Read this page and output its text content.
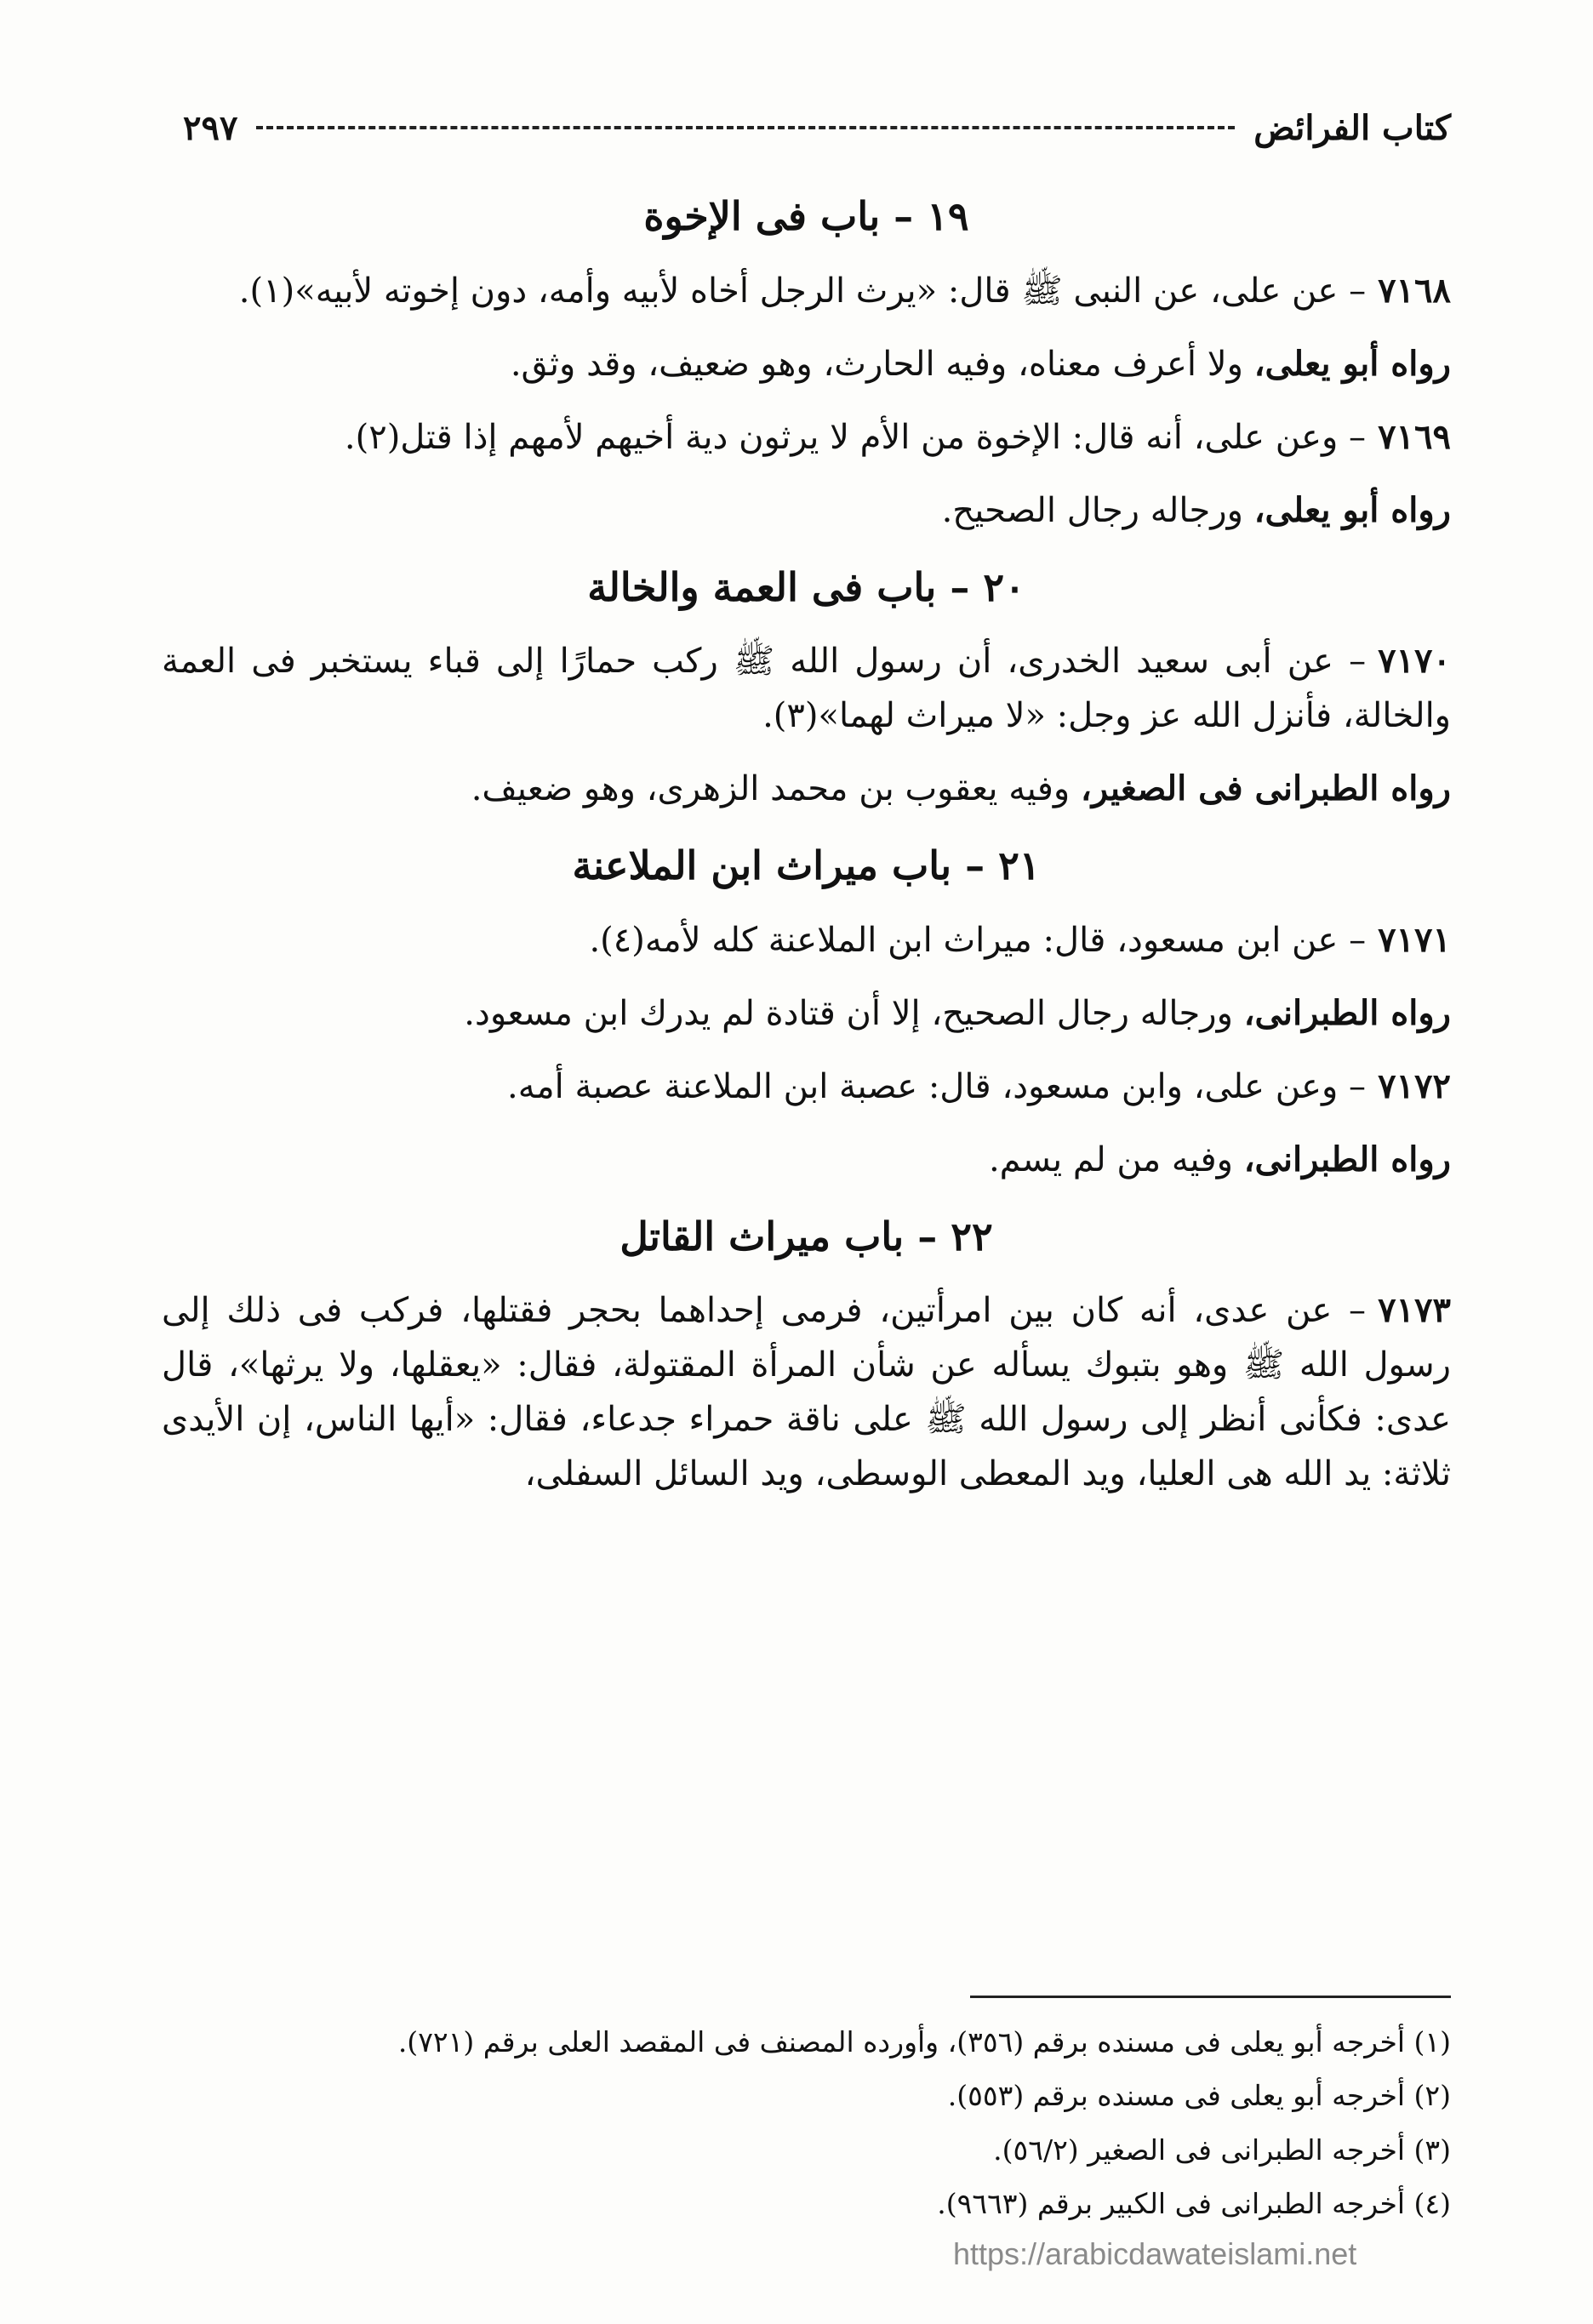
كتاب الفرائض
٢٩٧
١٩ – باب فى الإخوة
٧١٦٨– عن على، عن النبى ﷺ قال: «يرث الرجل أخاه لأبيه وأمه، دون إخوته لأبيه»(١).
رواه أبو يعلى، ولا أعرف معناه، وفيه الحارث، وهو ضعيف، وقد وثق.
٧١٦٩– وعن على، أنه قال: الإخوة من الأم لا يرثون دية أخيهم لأمهم إذا قتل(٢).
رواه أبو يعلى، ورجاله رجال الصحيح.
٢٠ – باب فى العمة والخالة
٧١٧٠– عن أبى سعيد الخدرى، أن رسول الله ﷺ ركب حمارًا إلى قباء يستخبر فى العمة والخالة، فأنزل الله عز وجل: «لا ميراث لهما»(٣).
رواه الطبرانى فى الصغير، وفيه يعقوب بن محمد الزهرى، وهو ضعيف.
٢١ – باب ميراث ابن الملاعنة
٧١٧١– عن ابن مسعود، قال: ميراث ابن الملاعنة كله لأمه(٤).
رواه الطبرانى، ورجاله رجال الصحيح، إلا أن قتادة لم يدرك ابن مسعود.
٧١٧٢– وعن على، وابن مسعود، قال: عصبة ابن الملاعنة عصبة أمه.
رواه الطبرانى، وفيه من لم يسم.
٢٢ – باب ميراث القاتل
٧١٧٣– عن عدى، أنه كان بين امرأتين، فرمى إحداهما بحجر فقتلها، فركب فى ذلك إلى رسول الله ﷺ وهو بتبوك يسأله عن شأن المرأة المقتولة، فقال: «يعقلها، ولا يرثها»، قال عدى: فكأنى أنظر إلى رسول الله ﷺ على ناقة حمراء جدعاء، فقال: «أيها الناس، إن الأيدى ثلاثة: يد الله هى العليا، ويد المعطى الوسطى، ويد السائل السفلى،
(١) أخرجه أبو يعلى فى مسنده برقم (٣٥٦)، وأورده المصنف فى المقصد العلى برقم (٧٢١).
(٢) أخرجه أبو يعلى فى مسنده برقم (٥٥٣).
(٣) أخرجه الطبرانى فى الصغير (٥٦/٢).
(٤) أخرجه الطبرانى فى الكبير برقم (٩٦٦٣).
https://arabicdawateislami.net
